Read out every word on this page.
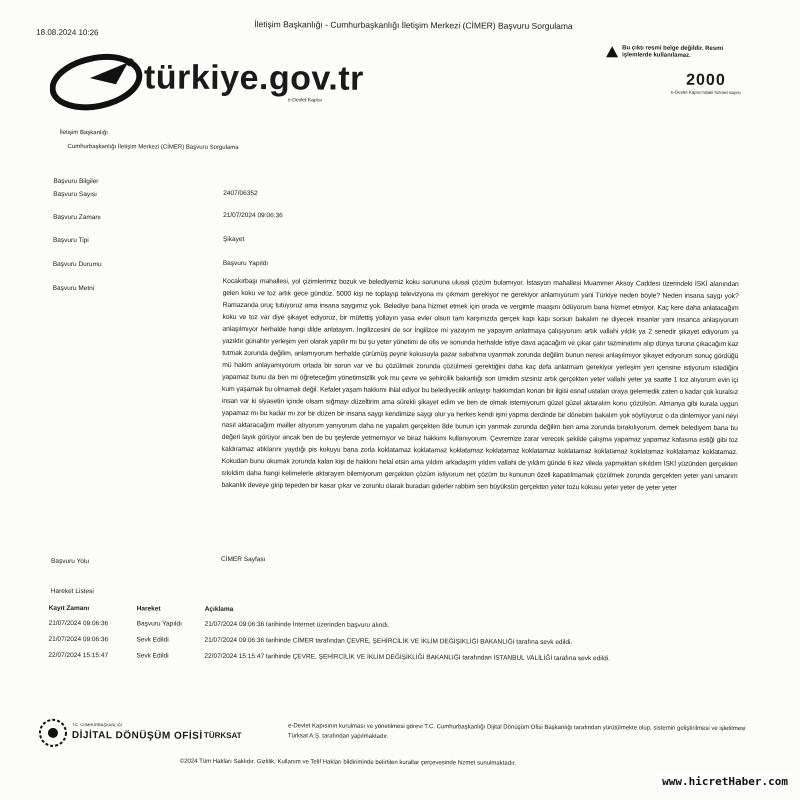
18.08.2024 10:26
İletişim Başkanlığı - Cumhurbaşkanlığı İletişim Merkezi (CİMER) Başvuru Sorgulama
Bu çıktı resmi belge değildir. Resmi işlemlerde kullanılamaz.
türkiye.gov.tr
e-Devlet Kapısı
2000
e-Devlet Kapısı'ndaki hizmet sayısı
İletişim Başkanlığı
Cumhurbaşkanlığı İletişim Merkezi (CİMER) Başvuru Sorgulama
Başvuru Bilgiler
Başvuru Sayısı	2407/06352
Başvuru Zamanı	21/07/2024 09:06:36
Başvuru Tipi	Şikayet
Başvuru Durumu	Başvuru Yapıldı
Başvuru Metni

Kocakırbaşı mahallesi, yol çizimlerimiz bozuk ve belediyemiz koku sorununa ulusal çözüm bulamıyor. İstasyon mahallesi Muammer Aksoy Caddesi üzerindeki İSKİ alanından gelen koku ve toz artık gece gündüz. 5000 kişi ne toplayıp televizyona mı çıkmam gerekiyor ne gerekiyor anlamıyorum yani Türkiye neden böyle? Neden insana saygı yok? Ramazanda oruç tutuyoruz ama insana saygımız yok. Belediye bana hizmet etmek için orada ve vergimle maaşını ödüyorum bana hizmet etmiyor. Kaç kere daha anlatacağım koku ve toz var diye şikayet ediyoruz, bir müfettiş yollayın yasa evler olsun tam karşınızda gerçek kapı kapı sorsun bakalım ne diyecek insanlar yani insanca anlaşıyorum anlaşılmıyor herhalde hangi dilde anlatayım. İngilizcesini de sor İngilizce mi yazayım ne yapayım anlatmaya çalışıyorum artık vallahi yıldık ya 2 senedir şikayet ediyorum ya yazıktır günahtır yerleşim yeri olarak yapılır mı bu şu yeter yönetimi de ofis ve sonunda herhalde istiye dava açacağım ve çıkar çatır tazminatımı alıp dünya turuna çıkacağım kaz tutmak zorunda değilim, anlamıyorum herhalde çürümüş peynir kokusuyla pazar sabahına uyanmak zorunda değilim bunun neresi anlaşılmıyor şikayet ediyorum sonuç gördüğü mü hakim anlayamıyorum ortada bir sorun var ve bu çözülmek zorunda çözülmesi gerektiğini daha kaç defa anlatmam gerekiyor yerleşim yeri içerisine istiyorum istediğini yapamaz bunu da ben mi öğreteceğim yönetimsizlik yok mu çevre ve şehircilik bakanlığı son ümidim sizsiniz artık gerçekten yeter vallahi yeter ya saatte 1 toz alıyorum evin içi kum yaşamak bu olmamalı değil. Kefalet yaşam hakkımı ihlal ediyor bu belediyecilik anlayışı hakkımdan konan bir ilgisi esnaf ustaları oraya gelemedik zaten o kadar çok kuralsız insan var ki siyasetin içinde olsam sığmayı düzeltirim ama sürekli şikayet edim ve ben de olmak istemiyorum güzel güzel aktaralım konu çözülsün. Almanya gibi kurala uygun yapamaz mı bu kadar mı zor bir düzen bir insana saygı kendimize saygı olur ya herkes kendi işini yapma derdinde bir dönebim bakalım yok söylüyoruz o da dinlemiyor yani neyi nasıl aktaracağım mailler atıyorum yanıyorum daha ne yapalım gerçekten 8de bunun için yanmak zorunda değilim ben ama zorunda bırakılıyorum, demek belediyem bana bu değeri layık görüyor ancak ben de bu şeylerde yetmemiyor ve biraz hakkımı kullanıyorum. Çevremize zarar verecek şekilde çalışma yapamaz yapamaz kafasına estiği gibi toz kaldıramaz atıklarını yaydığı pis kokuyu bana zorla koklatamaz koklatamaz koklatamaz koklatamaz koklatamaz koklatamaz koklatamaz koklatamaz koklatamaz koklatamaz. Kokudan bunu okumak zorunda kalan kişi de hakkını helal etsin ama yıldım arkadaşım yıldım vallahi de yıldım günde 6 kez vileda yapmaktan sıkıldım İSKİ yüzünden gerçekten sıkıldım daha hangi kelimelerle aktarayım bilemiyorum gerçekten çözüm istiyorum net çözüm bu konunun özeli kapatılmamak çözülmek zorunda gerçekten yeter yani umarım bakanlık deveye girip tepeden bir kasar çıkar ve zorunlu olarak buradan giderler rabbim sen büyüksün gerçekten yeter tozu kokusu yeter yeter de yeter yeter

Başvuru Yolu	CİMER Sayfası
Hareket Listesi
Kayıt Zamanı	Hareket	Açıklama
21/07/2024 09:06:36	Başvuru Yapıldı	21/07/2024 09:06:36 tarihinde İnternet üzerinden başvuru alındı.
21/07/2024 09:06:36	Sevk Edildi	21/07/2024 09:06:36 tarihinde CİMER tarafından ÇEVRE, ŞEHİRCİLİK VE İKLİM DEĞİŞİKLİĞİ BAKANLIĞI tarafına sevk edildi.
22/07/2024 15:15:47	Sevk Edildi	22/07/2024 15:15:47 tarihinde ÇEVRE, ŞEHİRCİLİK VE İKLİM DEĞİŞİKLİĞİ BAKANLIĞI tarafından İSTANBUL VALİLİĞİ tarafına sevk edildi.
T.C. CUMHURBAŞKANLIĞI
DİJİTAL DÖNÜŞÜM OFİSİ TÜRKSAT
e-Devlet Kapısının kurulması ve yönetilmesi görevi T.C. Cumhurbaşkanlığı Dijital Dönüşüm Ofisi Başkanlığı tarafından yürütülmekte olup, sistemin geliştirilmesi ve işletilmesi Türksat A.Ş. tarafından yapılmaktadır.
©2024 Tüm Hakları Saklıdır. Gizlilik, Kullanım ve Telif Hakları bildiriminde belirtilen kurallar çerçevesinde hizmet sunulmaktadır.
www.hicretHaber.com
